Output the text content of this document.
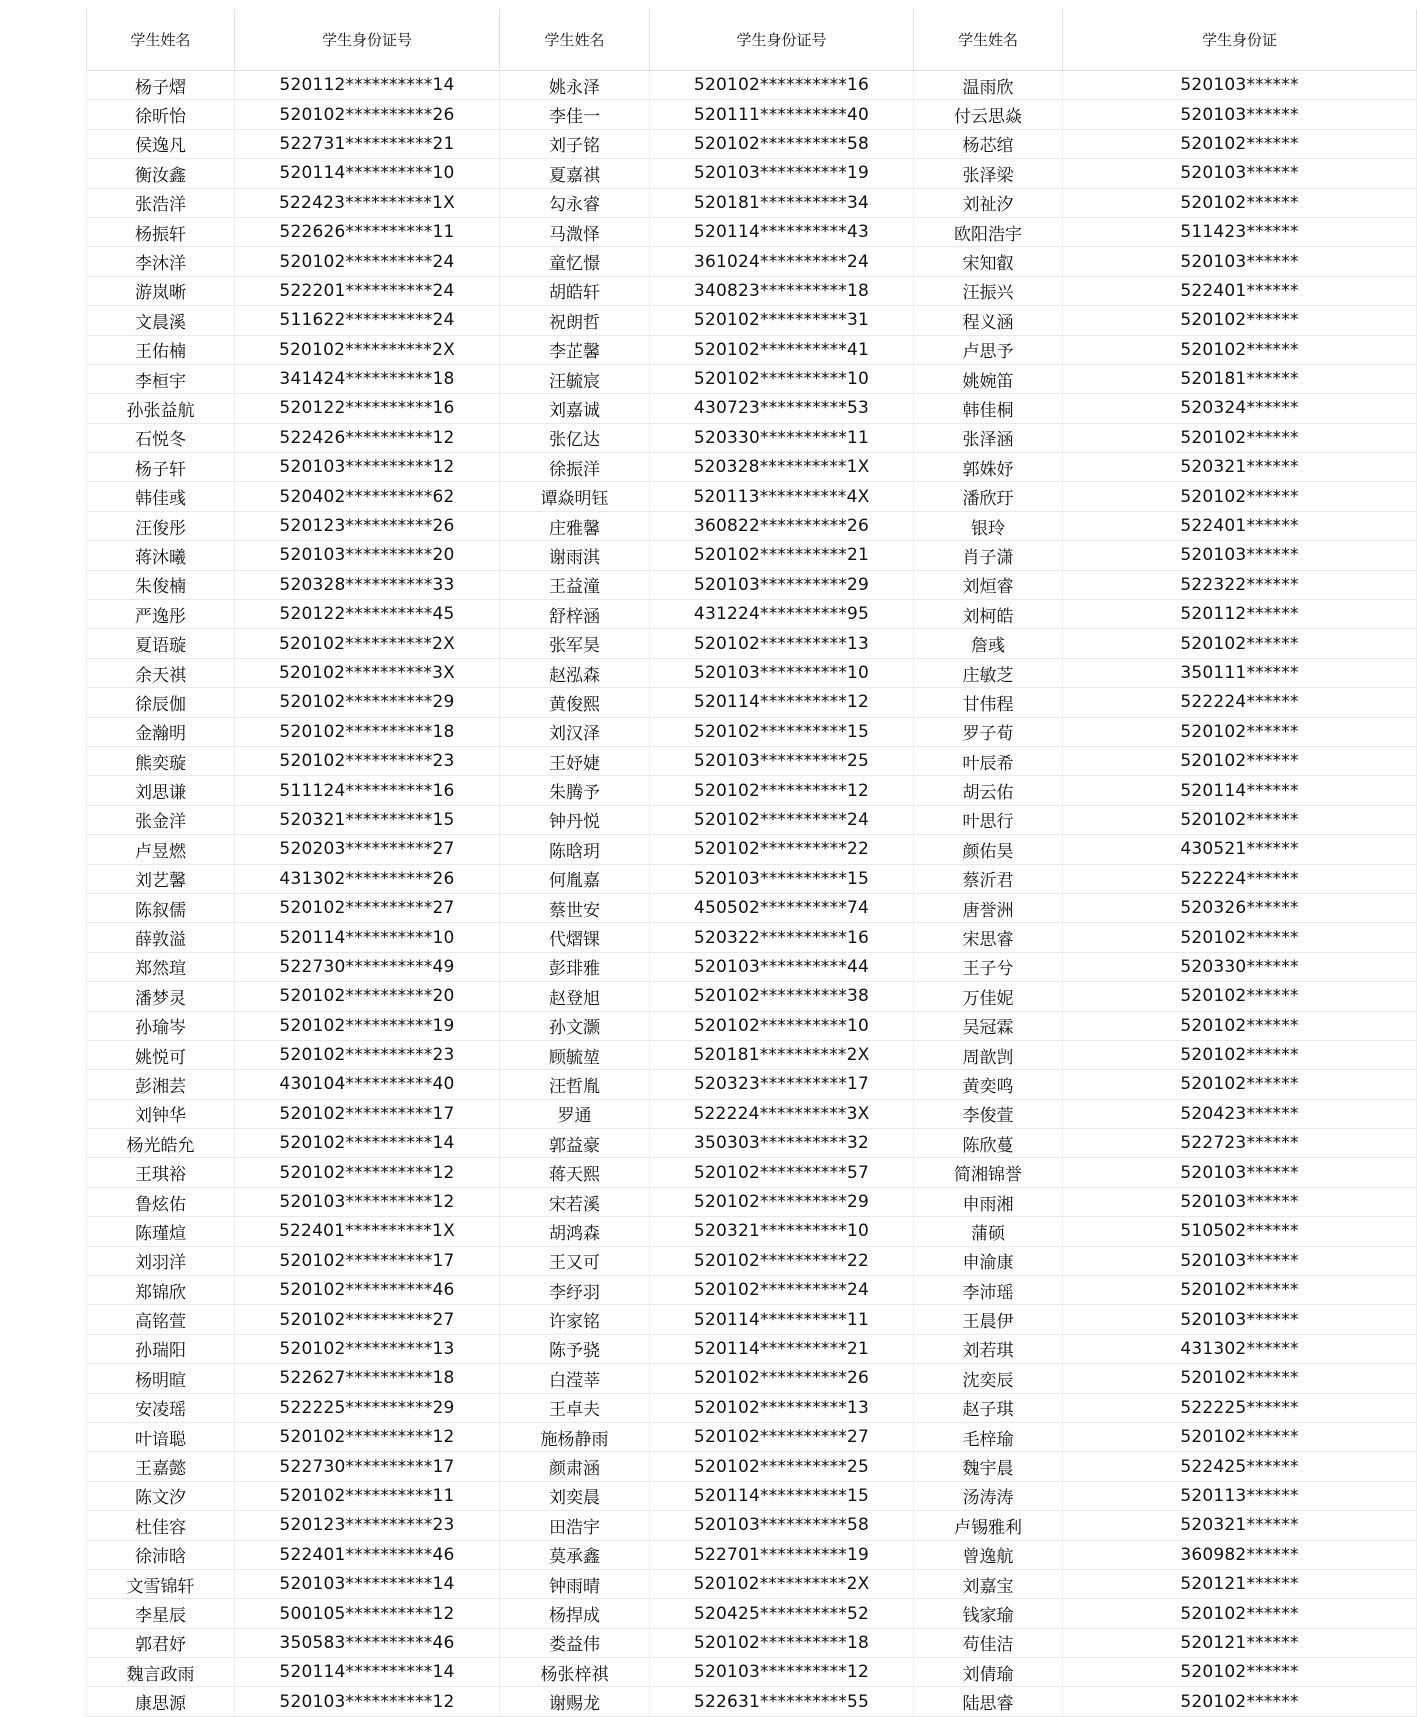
学生姓名	学生身份证号	学生姓名	学生身份证号	学生姓名	学生身份证
杨子熠	520112**********14	姚永泽	520102**********16	温雨欣	520103******
徐昕怡	520102**********26	李佳一	520111**********40	付云思焱	520103******
侯逸凡	522731**********21	刘子铭	520102**********58	杨芯绾	520102******
衡汝鑫	520114**********10	夏嘉祺	520103**********19	张泽梁	520103******
张浩洋	522423**********1X	勾永睿	520181**********34	刘祉汐	520102******
杨振轩	522626**********11	马溦怿	520114**********43	欧阳浩宇	511423******
李沐洋	520102**********24	童忆憬	361024**********24	宋知叡	520103******
游岚晰	522201**********24	胡皓轩	340823**********18	汪振兴	522401******
文晨溪	511622**********24	祝朗哲	520102**********31	程义涵	520102******
王佑楠	520102**********2X	李芷馨	520102**********41	卢思予	520102******
李桓宇	341424**********18	汪毓宸	520102**********10	姚婉笛	520181******
孙张益航	520122**********16	刘嘉诚	430723**********53	韩佳桐	520324******
石悦冬	522426**********12	张亿达	520330**********11	张泽涵	520102******
杨子轩	520103**********12	徐振洋	520328**********1X	郭姝妤	520321******
韩佳彧	520402**********62	谭焱明钰	520113**********4X	潘欣玗	520102******
汪俊彤	520123**********26	庄雅馨	360822**********26	银玲	522401******
蒋沐曦	520103**********20	谢雨淇	520102**********21	肖子潇	520103******
朱俊楠	520328**********33	王益潼	520103**********29	刘烜睿	522322******
严逸彤	520122**********45	舒梓涵	431224**********95	刘柯皓	520112******
夏语璇	520102**********2X	张军昊	520102**********13	詹彧	520102******
余天祺	520102**********3X	赵泓森	520103**********10	庄敏芝	350111******
徐辰伽	520102**********29	黄俊熙	520114**********12	甘伟程	522224******
金瀚明	520102**********18	刘汉泽	520102**********15	罗子荀	520102******
熊奕璇	520102**********23	王妤婕	520103**********25	叶辰希	520102******
刘思谦	511124**********16	朱腾予	520102**********12	胡云佑	520114******
张金洋	520321**********15	钟丹悦	520102**********24	叶思行	520102******
卢昱燃	520203**********27	陈晗玥	520102**********22	颜佑昊	430521******
刘艺馨	431302**********26	何胤嘉	520103**********15	蔡沂君	522224******
陈叙儒	520102**********27	蔡世安	450502**********74	唐誉洲	520326******
薛敦溢	520114**********10	代熠锞	520322**********16	宋思睿	520102******
郑然瑄	522730**********49	彭琲雅	520103**********44	王子兮	520330******
潘梦灵	520102**********20	赵登旭	520102**********38	万佳妮	520102******
孙瑜岑	520102**********19	孙文灏	520102**********10	吴冠霖	520102******
姚悦可	520102**********23	顾毓堃	520181**********2X	周歆剀	520102******
彭湘芸	430104**********40	汪哲胤	520323**********17	黄奕鸣	520102******
刘钟华	520102**********17	罗通	522224**********3X	李俊萱	520423******
杨光皓允	520102**********14	郭益豪	350303**********32	陈欣蔓	522723******
王琪裕	520102**********12	蒋天熙	520102**********57	简湘锦誉	520103******
鲁炫佑	520103**********12	宋若溪	520102**********29	申雨湘	520103******
陈瑾煊	522401**********1X	胡鸿森	520321**********10	蒲硕	510502******
刘羽洋	520102**********17	王又可	520102**********22	申渝康	520103******
郑锦欣	520102**********46	李纾羽	520102**********24	李沛瑶	520102******
高铭萱	520102**********27	许家铭	520114**********11	王晨伊	520103******
孙瑞阳	520102**********13	陈予骁	520114**********21	刘若琪	431302******
杨明暄	522627**********18	白滢莘	520102**********26	沈奕辰	520102******
安凌瑶	522225**********29	王卓夫	520102**********13	赵子琪	522225******
叶谙聪	520102**********12	施杨静雨	520102**********27	毛梓瑜	520102******
王嘉懿	522730**********17	颜肃涵	520102**********25	魏宇晨	522425******
陈文汐	520102**********11	刘奕晨	520114**********15	汤涛涛	520113******
杜佳容	520123**********23	田浩宇	520103**********58	卢锡雅利	520321******
徐沛晗	522401**********46	莫承鑫	522701**********19	曾逸航	360982******
文雪锦轩	520103**********14	钟雨晴	520102**********2X	刘嘉宝	520121******
李星辰	500105**********12	杨捍成	520425**********52	钱家瑜	520102******
郭君妤	350583**********46	娄益伟	520102**********18	苟佳洁	520121******
魏言政雨	520114**********14	杨张梓祺	520103**********12	刘倩瑜	520102******
康思源	520103**********12	谢赐龙	522631**********55	陆思睿	520102******
